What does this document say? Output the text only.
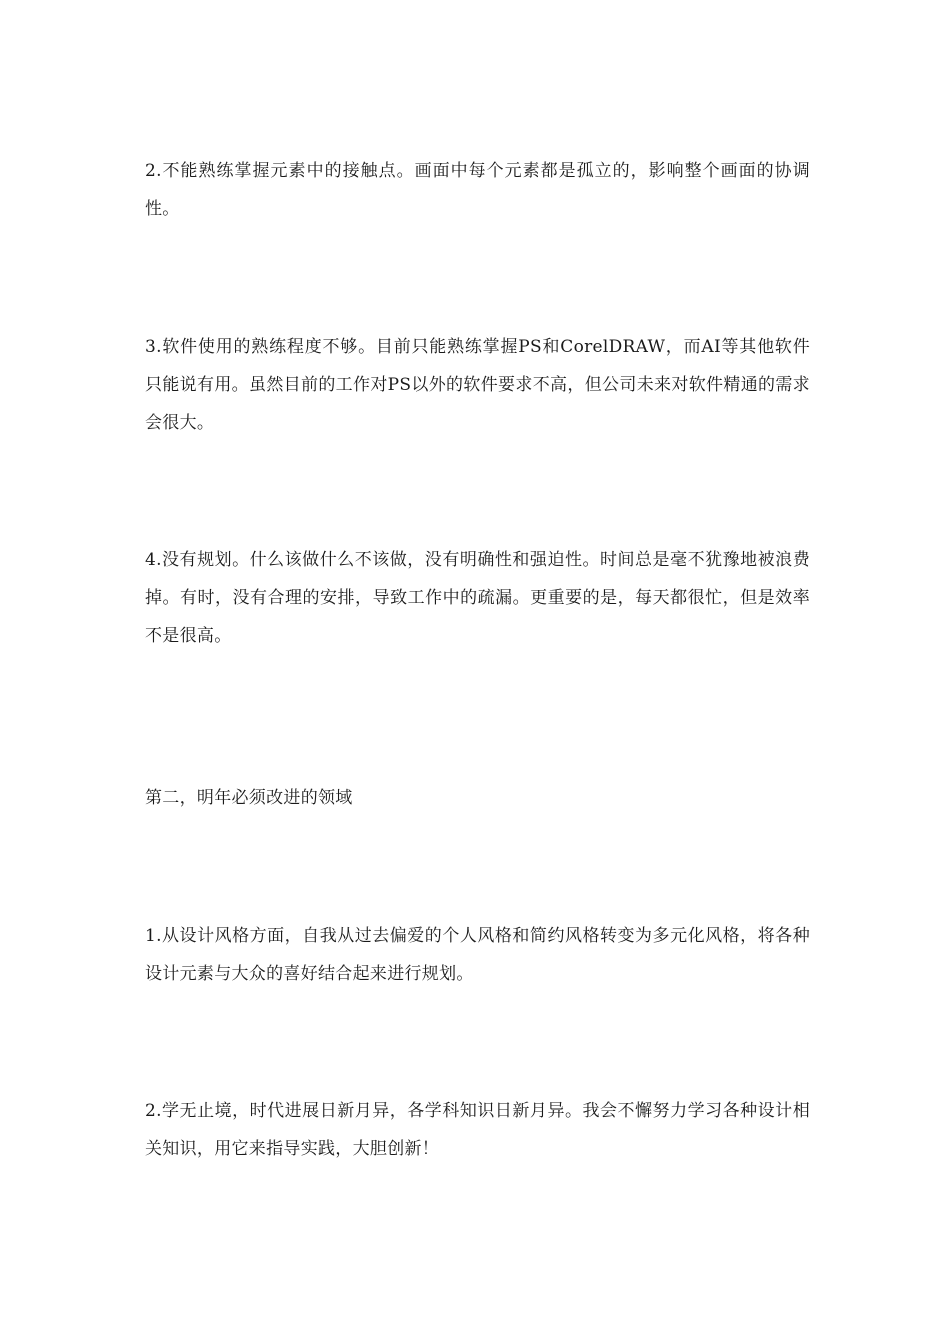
2.不能熟练掌握元素中的接触点。画面中每个元素都是孤立的，影响整个画面的协调性。

3.软件使用的熟练程度不够。目前只能熟练掌握PS和CorelDRAW，而AI等其他软件只能说有用。虽然目前的工作对PS以外的软件要求不高，但公司未来对软件精通的需求会很大。

4.没有规划。什么该做什么不该做，没有明确性和强迫性。时间总是毫不犹豫地被浪费掉。有时，没有合理的安排，导致工作中的疏漏。更重要的是，每天都很忙，但是效率不是很高。

第二，明年必须改进的领域

1.从设计风格方面，自我从过去偏爱的个人风格和简约风格转变为多元化风格，将各种设计元素与大众的喜好结合起来进行规划。

2.学无止境，时代进展日新月异，各学科知识日新月异。我会不懈努力学习各种设计相关知识，用它来指导实践，大胆创新！
